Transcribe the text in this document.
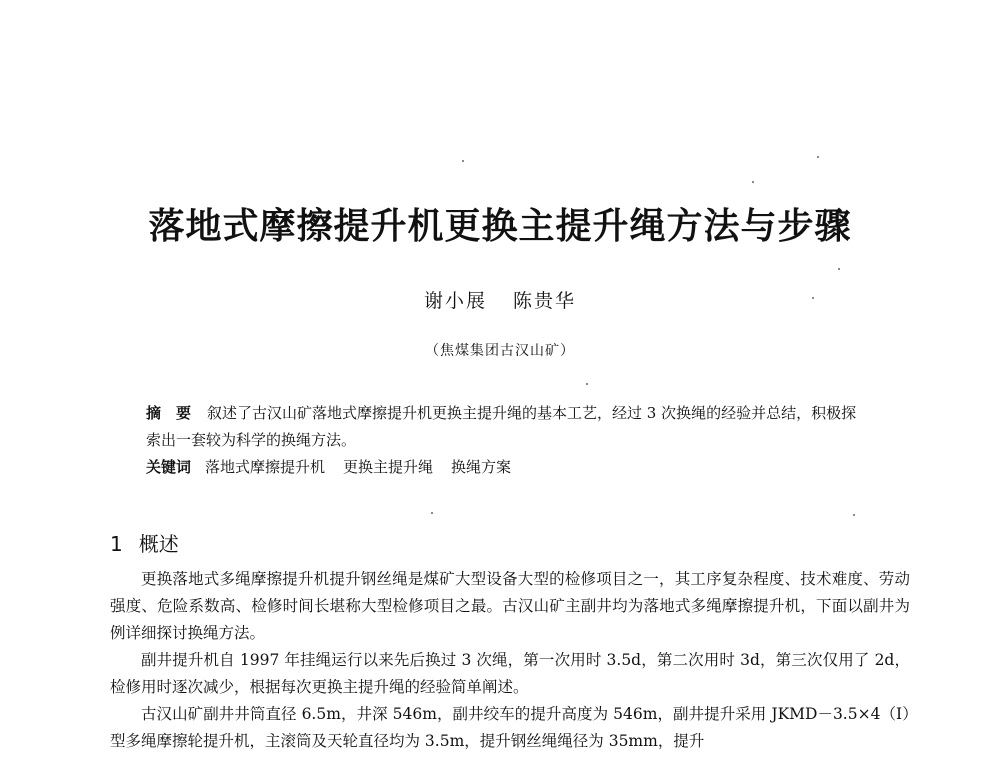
落地式摩擦提升机更换主提升绳方法与步骤
谢小展 陈贵华
（焦煤集团古汉山矿）
摘　要 叙述了古汉山矿落地式摩擦提升机更换主提升绳的基本工艺，经过 3 次换绳的经验并总结，积极探索出一套较为科学的换绳方法。
关键词 落地式摩擦提升机 更换主提升绳 换绳方案
1 概述

更换落地式多绳摩擦提升机提升钢丝绳是煤矿大型设备大型的检修项目之一，其工序复杂程度、技术难度、劳动强度、危险系数高、检修时间长堪称大型检修项目之最。古汉山矿主副井均为落地式多绳摩擦提升机，下面以副井为例详细探讨换绳方法。

副井提升机自 1997 年挂绳运行以来先后换过 3 次绳，第一次用时 3.5d，第二次用时 3d，第三次仅用了 2d，检修用时逐次减少，根据每次更换主提升绳的经验简单阐述。

古汉山矿副井井筒直径 6.5m，井深 546m，副井绞车的提升高度为 546m，副井提升采用 JKMD－3.5×4（Ⅰ）型多绳摩擦轮提升机，主滚筒及天轮直径均为 3.5m，提升钢丝绳绳径为 35mm，提升
